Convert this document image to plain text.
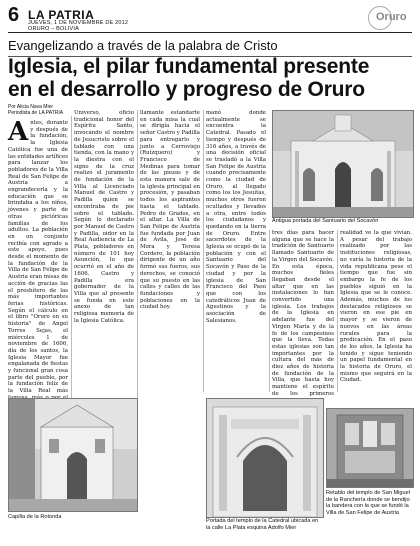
6 LA PATRIA
JUEVES, 1 DE NOVIEMBRE DE 2012
ORURO – BOLIVIA
Oruro
Evangelizando a través de la palabra de Cristo
Iglesia, el pilar fundamental presente
en el desarrollo y progreso de Oruro
Por Alicia Nava Mier
Periodista de LA PATRIA
A ntes, durante y después de la fundación, la Iglesia Católica fue una de las entidades artífices para lanzar los pobladores de la Villa Real de San Felipe de Austria a engrandecerla y la educación que se brindaba a los niños, jóvenes y parte de otras pictóricas familias de los adultos. La población en un conjunto recibía con agrado a este apoyo, pues desde el momento de la fundación de la Villa de San Felipe de Austria eran misas de acción de gracias las el presbítero de las más importantes ferias históricas. Según el cálculo en el libro "Oruro en su historia" de Angel Torres Sejas, el miércoles 1 de noviembre de 1606, día de los santos, la Iglesia Mayor fue engalanada de fiestas y funcional gran cosa parte del pueblo, por la fundación feliz de la Villa Real más
Universo, oficio tradicional honor del Espíritu Santo, invocando el nombre de Jesucristo sobre el tablado con una tienda, con la mano y la diestra con el signo de la cruz realizó el juramento de fundación de la Villa al Licenciado Manuel de Castro y Padilla quien se encontraba de pie sobre el tablado. Según lo declarado por Manuel de Castro y Padilla, oidor en la Real Audiencia de La Plata, pobladores en número de 101 hoy Asunción, lo que ocurrió en el año de 1606. Castro y Padilla era gobernador de la Villa que al presente se funda en este anexo de tan religiosa memoria de la Iglesia Católica.
llamante estandarte en cada misa la cual se dirigía hacia el señor Castro y Padilla para entregarlo y junto a Cerroviejo (Ruizquero) y Francisco de Medinas para tomar de las piezas y de esta manera sale de la iglesia principal en procesión, y pasaban todos los aspirantes hasta el tablado. Pedro de Grados, en el altar. La Villa de San Felipe de Austria fue fundada por Juan de Ávila, José de Mora y Teresa Cordero, la población dirigente de un año formó sus fueros, sus derechos, se conoció que su puesto en las calles y calles de las fundaciones y poblaciones en la ciudad hoy.
manó donde actualmente se encuentra la Catedral. Pasado el tiempo y después de 316 años, a través de una decisión oficial se trasladó a la Villa San Felipe de Austria cuando precisamente como la ciudad de Oruro, al llegado como los los Jesuitas, muchos otros fueron ocultados y llevados a otra, entre todos los ciudadanos y quedando en la tierra de Oruro. Entre sacerdotes de la Iglesia se ocupó de la población y con el Santuario del Socavón y Paso de la ciudad y por la iglesia de San Francisco del Paso que con los catedráticos Juan de Agustinos y la asociación de Salesianos.
tres días para hacer alguna que se hace la tradición de Santuario llamado Santuario de la Virgen del Socavón. En esta época, muchos fieles llegaban desde el altar que en las instalaciones lo han convertido una iglesia. Los trabajos de la Iglesia en adelante fue del Virgen María y de la fe de los campesinos que la lleva. Todas estas iglesias son tan importantes por la cultura del más de diez años de historia de fundación de la Villa, que hasta hoy mantiene el espíritu de los primeros
realidad ve la que vivían. A pesar del trabajo realizado por las instituciones religiosas, no varía la historia de la vida republicana pese el tiempo que fue sin embargo la fe de los pueblos siguió en la Iglesia que se le conoce. Además, muchos de los destacados religiosos se vieron en ese pie en mayor y se vieron de nuevos en las áreas rurales para la predicación. En el paso de los años, la Iglesia ha tenido y sigue teniendo un papel fundamental en la historia de Oruro, el mismo que seguirá en la Ciudad.
Antigua portada del Santuario del Socavón
Capilla de la Rotonda
Portada del templo de la Catedral ubicada en la calle La Plata esquina Adolfo Mier
Retablo del templo de San Miguel de la Ranchería donde se bendijo la bandera con la que se fundó la Villa de San Felipe de Austria
